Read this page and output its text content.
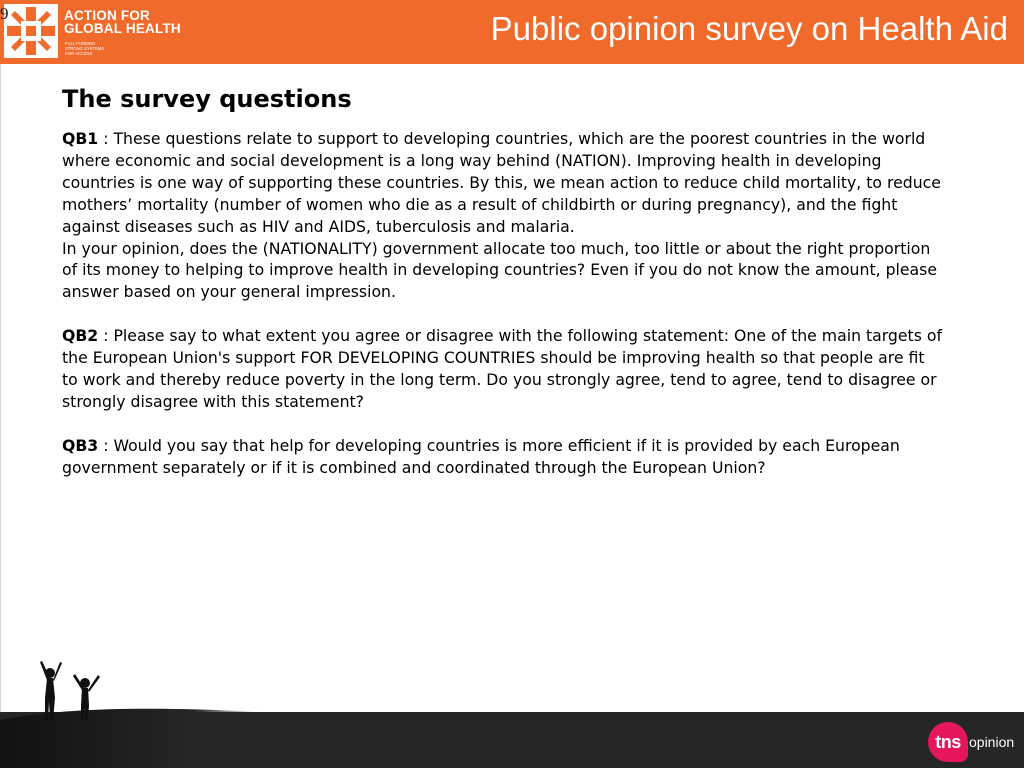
ACTION FOR
GLOBAL HEALTH
FULL FUNDING
STRONG SYSTEMS
FAIR ACCESS
Public opinion survey on Health Aid
9
The survey questions

QB1 : These questions relate to support to developing countries, which are the poorest countries in the world where economic and social development is a long way behind (NATION). Improving health in developing countries is one way of supporting these countries. By this, we mean action to reduce child mortality, to reduce mothers’ mortality (number of women who die as a result of childbirth or during pregnancy), and the fight against diseases such as HIV and AIDS, tuberculosis and malaria.

In your opinion, does the (NATIONALITY) government allocate too much, too little or about the right proportion of its money to helping to improve health in developing countries? Even if you do not know the amount, please answer based on your general impression.

QB2 : Please say to what extent you agree or disagree with the following statement: One of the main targets of the European Union's support FOR DEVELOPING COUNTRIES should be improving health so that people are fit to work and thereby reduce poverty in the long term. Do you strongly agree, tend to agree, tend to disagree or strongly disagree with this statement?

QB3 : Would you say that help for developing countries is more efficient if it is provided by each European government separately or if it is combined and coordinated through the European Union?

tns opinion
